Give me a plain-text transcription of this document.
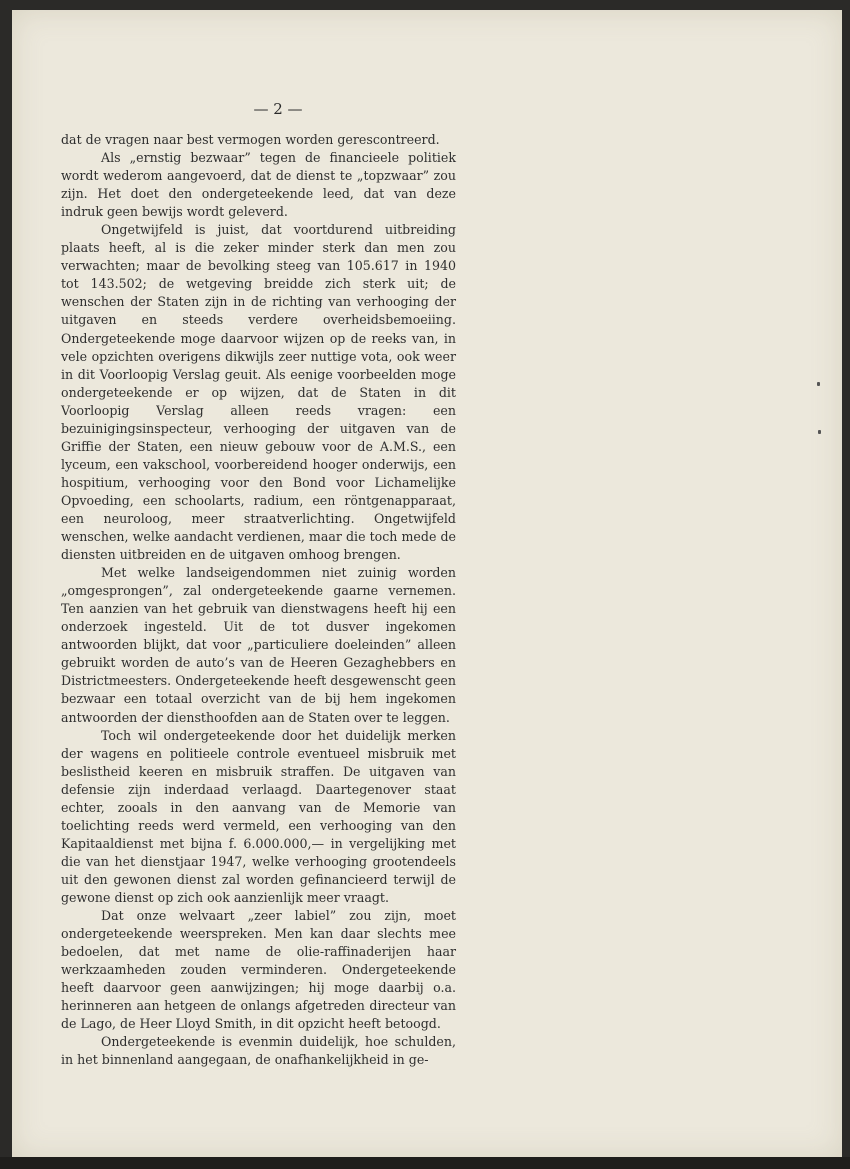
— 2 —

dat de vragen naar best vermogen worden gerescontreerd.

Als „ernstig bezwaar” tegen de financieele politiek wordt wederom aangevoerd, dat de dienst te „topzwaar” zou zijn. Het doet den ondergeteekende leed, dat van deze indruk geen bewijs wordt geleverd.

Ongetwijfeld is juist, dat voortdurend uitbreiding plaats heeft, al is die zeker minder sterk dan men zou verwachten; maar de bevolking steeg van 105.617 in 1940 tot 143.502; de wetgeving breidde zich sterk uit; de wenschen der Staten zijn in de richting van verhooging der uitgaven en steeds verdere overheidsbemoeiing. Ondergeteekende moge daarvoor wijzen op de reeks van, in vele opzichten overigens dikwijls zeer nuttige vota, ook weer in dit Voorloopig Verslag geuit. Als eenige voorbeelden moge ondergeteekende er op wijzen, dat de Staten in dit Voorloopig Verslag alleen reeds vragen: een bezuinigingsinspecteur, verhooging der uitgaven van de Griffie der Staten, een nieuw gebouw voor de A.M.S., een lyceum, een vakschool, voorbereidend hooger onderwijs, een hospitium, verhooging voor den Bond voor Lichamelijke Opvoeding, een schoolarts, radium, een röntgenapparaat, een neuroloog, meer straatverlichting. Ongetwijfeld wenschen, welke aandacht verdienen, maar die toch mede de diensten uitbreiden en de uitgaven omhoog brengen.

Met welke landseigendommen niet zuinig worden „omgesprongen”, zal ondergeteekende gaarne vernemen. Ten aanzien van het gebruik van dienstwagens heeft hij een onderzoek ingesteld. Uit de tot dusver ingekomen antwoorden blijkt, dat voor „particuliere doeleinden” alleen gebruikt worden de auto’s van de Heeren Gezaghebbers en Districtmeesters. Ondergeteekende heeft desgewenscht geen bezwaar een totaal overzicht van de bij hem ingekomen antwoorden der diensthoofden aan de Staten over te leggen.

Toch wil ondergeteekende door het duidelijk merken der wagens en politieele controle eventueel misbruik met beslistheid keeren en misbruik straffen. De uitgaven van defensie zijn inderdaad verlaagd. Daartegenover staat echter, zooals in den aanvang van de Memorie van toelichting reeds werd vermeld, een verhooging van den Kapitaaldienst met bijna f. 6.000.000,— in vergelijking met die van het dienstjaar 1947, welke verhooging grootendeels uit den gewonen dienst zal worden gefinancieerd terwijl de gewone dienst op zich ook aanzienlijk meer vraagt.

Dat onze welvaart „zeer labiel” zou zijn, moet ondergeteekende weerspreken. Men kan daar slechts mee bedoelen, dat met name de olie-raffinaderijen haar werkzaamheden zouden verminderen. Ondergeteekende heeft daarvoor geen aanwijzingen; hij moge daarbij o.a. herinneren aan hetgeen de onlangs afgetreden directeur van de Lago, de Heer Lloyd Smith, in dit opzicht heeft betoogd.

Ondergeteekende is evenmin duidelijk, hoe schulden, in het binnenland aangegaan, de onafhankelijkheid in ge-
